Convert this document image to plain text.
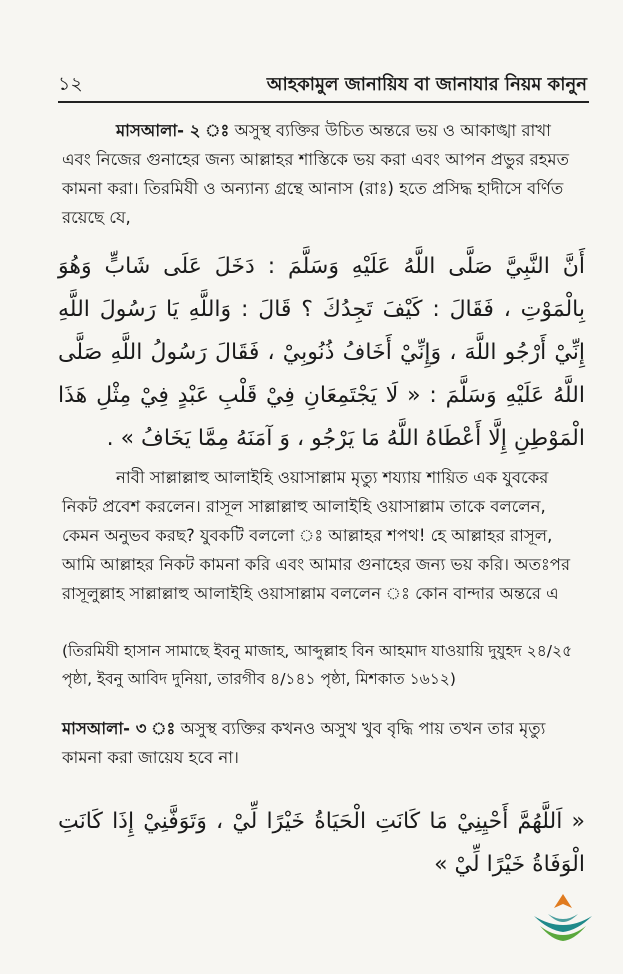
১২	আহকামুল জানায়িয বা জানাযার নিয়ম কানুন
মাসআলা- ২ ঃ অসুস্থ ব্যক্তির উচিত অন্তরে ভয় ও আকাঙ্খা রাখা এবং নিজের গুনাহের জন্য আল্লাহর শাস্তিকে ভয় করা এবং আপন প্রভুর রহমত কামনা করা। তিরমিযী ও অন্যান্য গ্রন্থে আনাস (রাঃ) হতে প্রসিদ্ধ হাদীসে বর্ণিত রয়েছে যে,
أَنَّ النَّبِيَّ صَلَّى اللَّهُ عَلَيْهِ وَسَلَّمَ : دَخَلَ عَلَى شَابٍّ وَهُوَ بِالْمَوْتِ ، فَقَالَ : كَيْفَ تَجِدُكَ ؟ قَالَ : وَاللَّهِ يَا رَسُولَ اللَّهِ إِنِّيْ أَرْجُو اللَّهَ ، وَإِنِّيْ أَخَافُ ذُنُوبِيْ ، فَقَالَ رَسُولُ اللَّهِ صَلَّى اللَّهُ عَلَيْهِ وَسَلَّمَ : « لَا يَجْتَمِعَانِ فِيْ قَلْبِ عَبْدٍ فِيْ مِثْلِ هَذَا الْمَوْطِنِ إِلَّا أَعْطَاهُ اللَّهُ مَا يَرْجُو ، وَ آمَنَهُ مِمَّا يَخَافُ » .
নাবী সাল্লাল্লাহু আলাইহি ওয়াসাল্লাম মৃত্যু শয্যায় শায়িত এক যুবকের নিকট প্রবেশ করলেন। রাসূল সাল্লাল্লাহু আলাইহি ওয়াসাল্লাম তাকে বললেন, কেমন অনুভব করছ? যুবকটি বললো ঃ আল্লাহর শপথ! হে আল্লাহর রাসূল, আমি আল্লাহর নিকট কামনা করি এবং আমার গুনাহের জন্য ভয় করি। অতঃপর রাসূলুল্লাহ সাল্লাল্লাহু আলাইহি ওয়াসাল্লাম বললেন ঃ কোন বান্দার অন্তরে এ
(তিরমিযী হাসান সামাছে ইবনু মাজাহ, আব্দুল্লাহ বিন আহমাদ যাওয়ায়ি দুযুহদ ২৪/২৫ পৃষ্ঠা, ইবনু আবিদ দুনিয়া, তারগীব ৪/১৪১ পৃষ্ঠা, মিশকাত ১৬১২)
মাসআলা- ৩ ঃ অসুস্থ ব্যক্তির কখনও অসুখ খুব বৃদ্ধি পায় তখন তার মৃত্যু কামনা করা জায়েয হবে না।
« اَللَّهُمَّ أَحْيِنِيْ مَا كَانَتِ الْحَيَاةُ خَيْرًا لِّيْ ، وَتَوَفَّنِيْ إِذَا كَانَتِ الْوَفَاةُ خَيْرًا لِّيْ »
